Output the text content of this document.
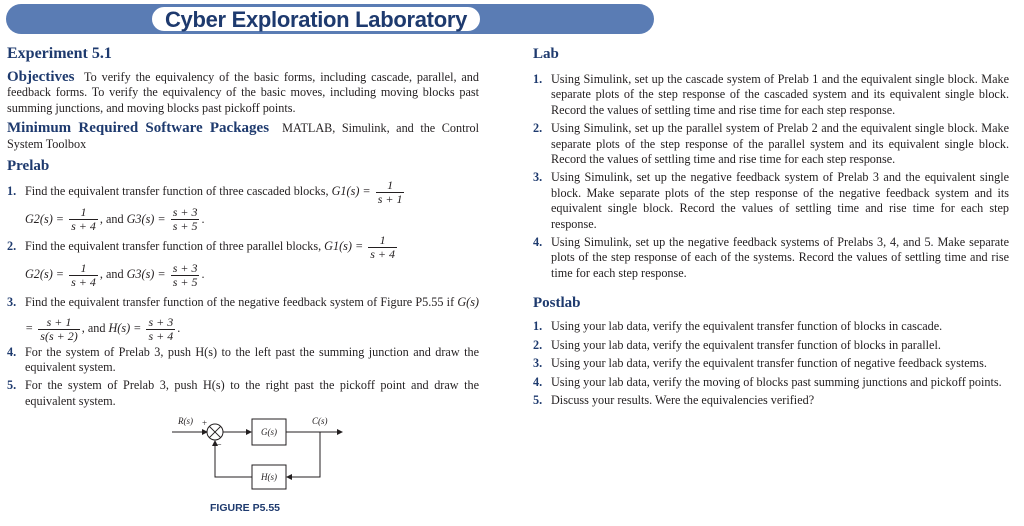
Cyber Exploration Laboratory
Experiment 5.1

Objectives To verify the equivalency of the basic forms, including cascade, parallel, and feedback forms. To verify the equivalency of the basic moves, including moving blocks past summing junctions, and moving blocks past pickoff points.

Minimum Required Software Packages MATLAB, Simulink, and the Control System Toolbox

Prelab
1. Find the equivalent transfer function of three cascaded blocks, $G1(s) = \frac{1}{s + 1}$

$G2(s) = \frac{1}{s + 4}$ , and $G3(s) = \frac{s + 3}{s + 5}$ .
2. Find the equivalent transfer function of three parallel blocks, $G1(s) = \frac{1}{s + 4}$

$G2(s) = \frac{1}{s + 4}$ , and $G3(s) = \frac{s + 3}{s + 5}$ .
3. Find the equivalent transfer function of the negative feedback system of Figure P5.55 if $G(s) = \frac{s + 1}{s(s + 2)}$ , and $H(s) = \frac{s + 3}{s + 4}$ .
4. For the system of Prelab 3, push H(s) to the left past the summing junction and draw the equivalent system.
5. For the system of Prelab 3, push H(s) to the right past the pickoff point and draw the equivalent system.
R(s) +
−
G(s)
C(s)
H(s)
FIGURE P5.55
Lab
1. Using Simulink, set up the cascade system of Prelab 1 and the equivalent single block. Make separate plots of the step response of the cascaded system and its equivalent single block. Record the values of settling time and rise time for each step response.
2. Using Simulink, set up the parallel system of Prelab 2 and the equivalent single block. Make separate plots of the step response of the parallel system and its equivalent single block. Record the values of settling time and rise time for each step response.
3. Using Simulink, set up the negative feedback system of Prelab 3 and the equivalent single block. Make separate plots of the step response of the negative feedback system and its equivalent single block. Record the values of settling time and rise time for each step response.
4. Using Simulink, set up the negative feedback systems of Prelabs 3, 4, and 5. Make separate plots of the step response of each of the systems. Record the values of settling time and rise time for each step response.
Postlab
1. Using your lab data, verify the equivalent transfer function of blocks in cascade.
2. Using your lab data, verify the equivalent transfer function of blocks in parallel.
3. Using your lab data, verify the equivalent transfer function of negative feedback systems.
4. Using your lab data, verify the moving of blocks past summing junctions and pickoff points.
5. Discuss your results. Were the equivalencies verified?
